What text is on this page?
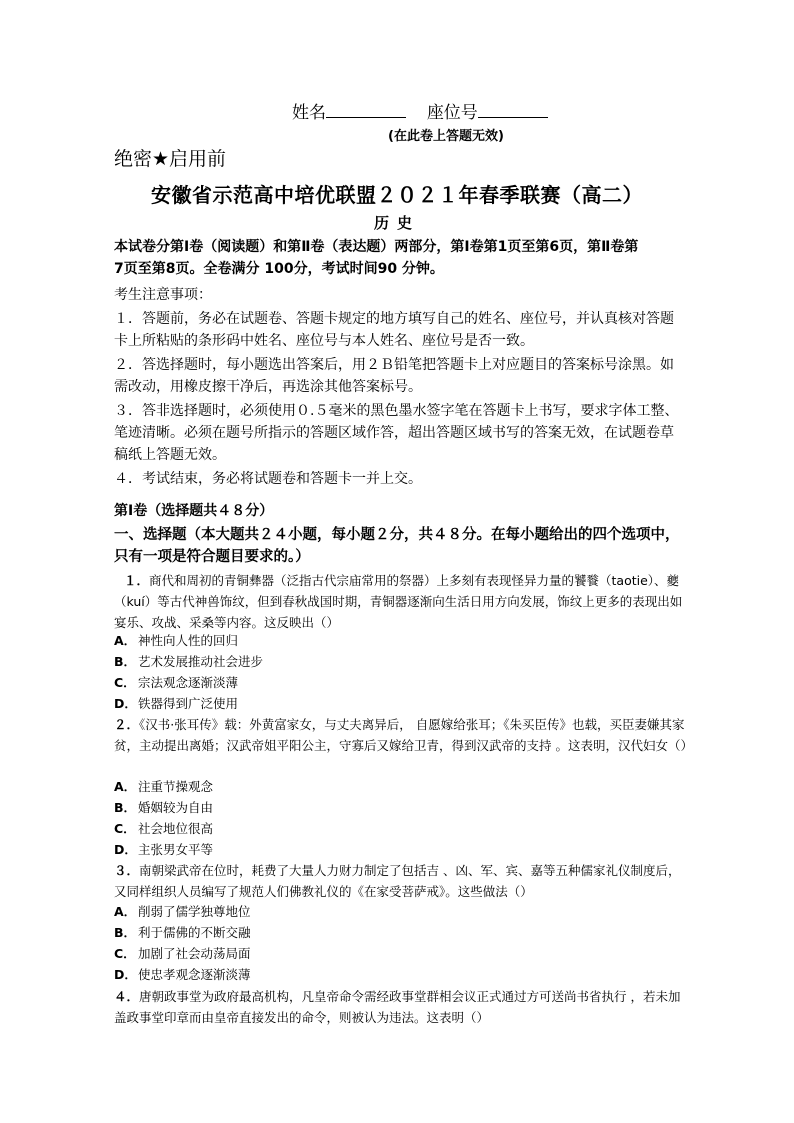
姓名	座位号
(在此卷上答题无效)
绝密★启用前
安徽省示范高中培优联盟２０２１年春季联赛（高二）
历史

本试卷分第Ⅰ卷（阅读题）和第Ⅱ卷（表达题）两部分，第Ⅰ卷第1页至第6页，第Ⅱ卷第

7页至第8页。全卷满分 100分，考试时间90 分钟。

考生注意事项：

１．答题前，务必在试题卷、答题卡规定的地方填写自己的姓名、座位号，并认真核对答题卡上所粘贴的条形码中姓名、座位号与本人姓名、座位号是否一致。

２．答选择题时，每小题选出答案后，用２Ｂ铅笔把答题卡上对应题目的答案标号涂黑。如需改动，用橡皮擦干净后，再选涂其他答案标号。

３．答非选择题时，必须使用０.５毫米的黑色墨水签字笔在答题卡上书写，要求字体工整、笔迹清晰。必须在题号所指示的答题区域作答，超出答题区域书写的答案无效，在试题卷草稿纸上答题无效。

４．考试结束，务必将试题卷和答题卡一并上交。

第Ⅰ卷（选择题共４８分）
一、选择题（本大题共２４小题，每小题２分，共４８分。在每小题给出的四个选项中，只有一项是符合题目要求的。）
１．商代和周初的青铜彝器（泛指古代宗庙常用的祭器）上多刻有表现怪异力量的饕餮（taotie）、夔（kuí）等古代神兽饰纹，但到春秋战国时期，青铜器逐渐向生活日用方向发展，饰纹上更多的表现出如宴乐、攻战、采桑等内容。这反映出（）
A． 神性向人性的回归
B． 艺术发展推动社会进步
C． 宗法观念逐渐淡薄
D．铁器得到广泛使用
２．《汉书·张耳传》载：外黄富家女，与丈夫离异后， 自愿嫁给张耳；《朱买臣传》也载，买臣妻嫌其家贫，主动提出离婚；汉武帝姐平阳公主，守寡后又嫁给卫青，得到汉武帝的支持 。这表明，汉代妇女（）
A． 注重节操观念
B． 婚姻较为自由
C． 社会地位很高
D．主张男女平等
３．南朝梁武帝在位时，耗费了大量人力财力制定了包括吉 、凶、军、宾、嘉等五种儒家礼仪制度后，又同样组织人员编写了规范人们佛教礼仪的《在家受菩萨戒》。这些做法（）
A． 削弱了儒学独尊地位
B． 利于儒佛的不断交融
C． 加剧了社会动荡局面
D．使忠孝观念逐渐淡薄
４．唐朝政事堂为政府最高机构，凡皇帝命令需经政事堂群相会议正式通过方可送尚书省执行 ，若未加盖政事堂印章而由皇帝直接发出的命令，则被认为违法。这表明（）
